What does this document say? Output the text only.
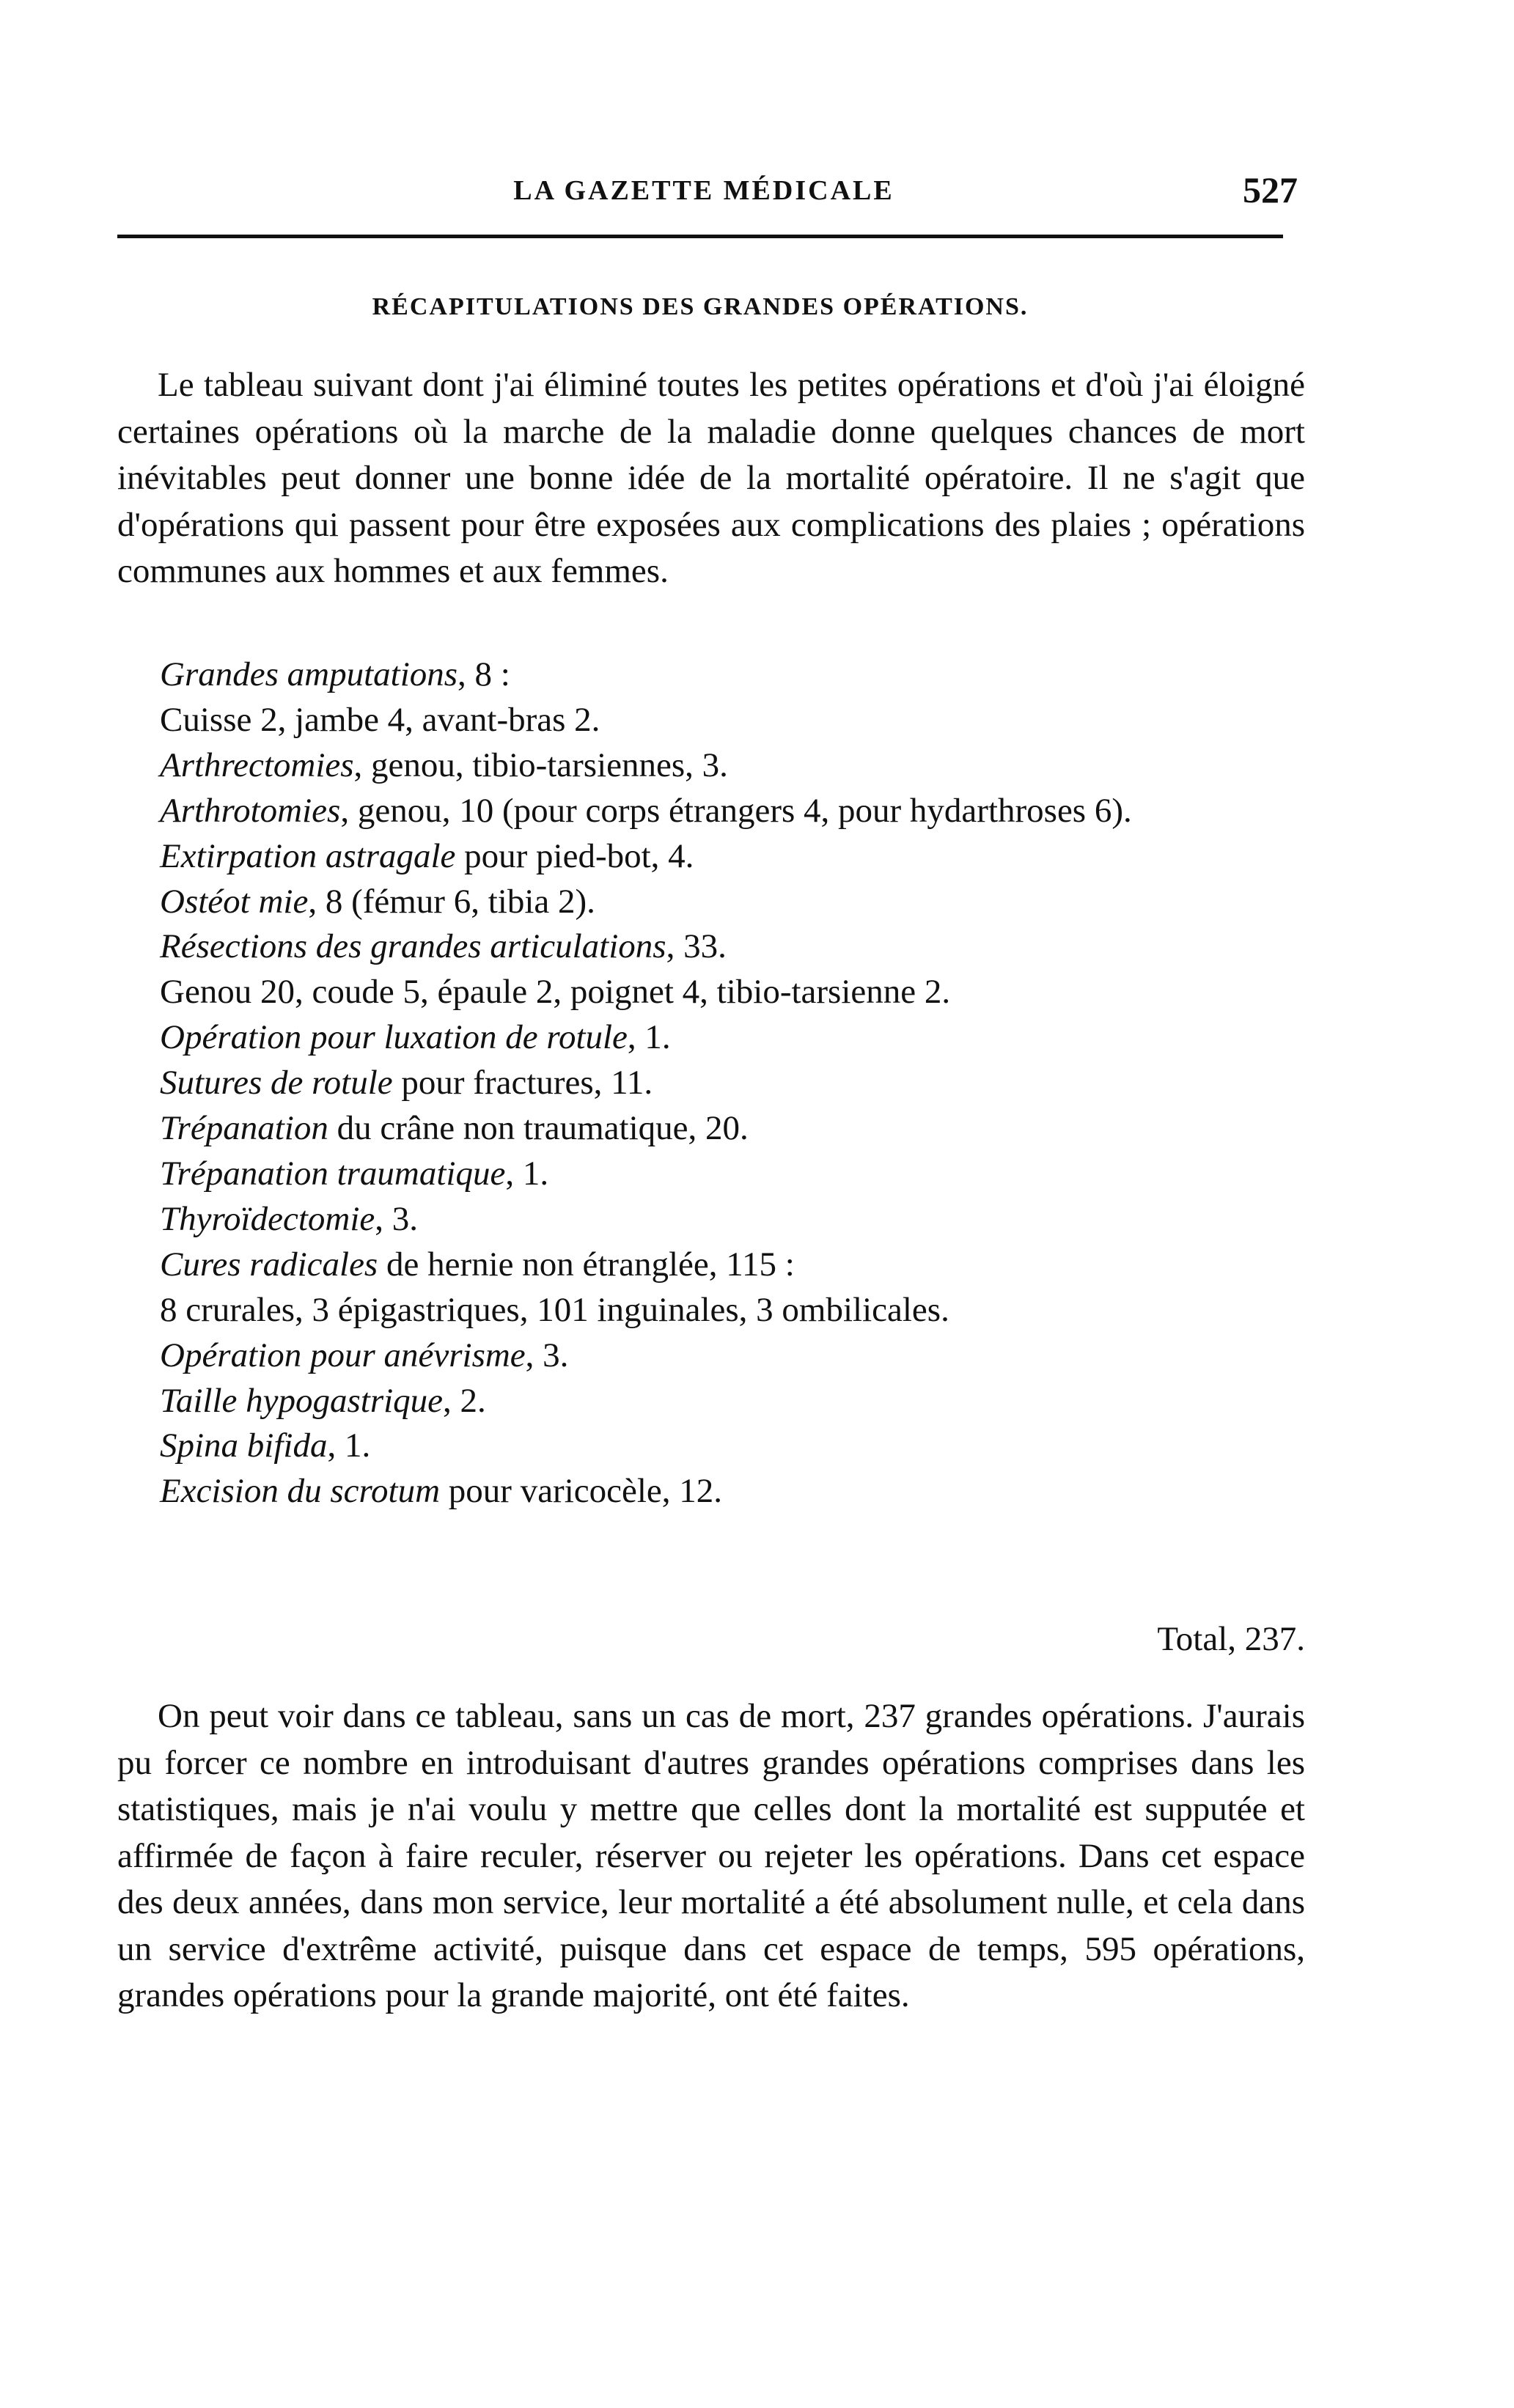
LA GAZETTE MÉDICALE	527
RÉCAPITULATIONS DES GRANDES OPÉRATIONS.

Le tableau suivant dont j'ai éliminé toutes les petites opérations et d'où j'ai éloigné certaines opérations où la marche de la maladie donne quelques chances de mort inévitables peut donner une bonne idée de la mortalité opératoire. Il ne s'agit que d'opérations qui passent pour être exposées aux complications des plaies ; opérations communes aux hommes et aux femmes.

Grandes amputations, 8 :
Cuisse 2, jambe 4, avant-bras 2.
Arthrectomies, genou, tibio-tarsiennes, 3.
Arthrotomies, genou, 10 (pour corps étrangers 4, pour hydarthroses 6).
Extirpation astragale pour pied-bot, 4.
Ostéot mie, 8 (fémur 6, tibia 2).
Résections des grandes articulations, 33.
Genou 20, coude 5, épaule 2, poignet 4, tibio-tarsienne 2.
Opération pour luxation de rotule, 1.
Sutures de rotule pour fractures, 11.
Trépanation du crâne non traumatique, 20.
Trépanation traumatique, 1.
Thyroïdectomie, 3.
Cures radicales de hernie non étranglée, 115 :
8 crurales, 3 épigastriques, 101 inguinales, 3 ombilicales.
Opération pour anévrisme, 3.
Taille hypogastrique, 2.
Spina bifida, 1.
Excision du scrotum pour varicocèle, 12.
Total, 237.

On peut voir dans ce tableau, sans un cas de mort, 237 grandes opérations. J'aurais pu forcer ce nombre en introduisant d'autres grandes opérations comprises dans les statistiques, mais je n'ai voulu y mettre que celles dont la mortalité est supputée et affirmée de façon à faire reculer, réserver ou rejeter les opérations. Dans cet espace des deux années, dans mon service, leur mortalité a été absolument nulle, et cela dans un service d'extrême activité, puisque dans cet espace de temps, 595 opérations, grandes opérations pour la grande majorité, ont été faites.
